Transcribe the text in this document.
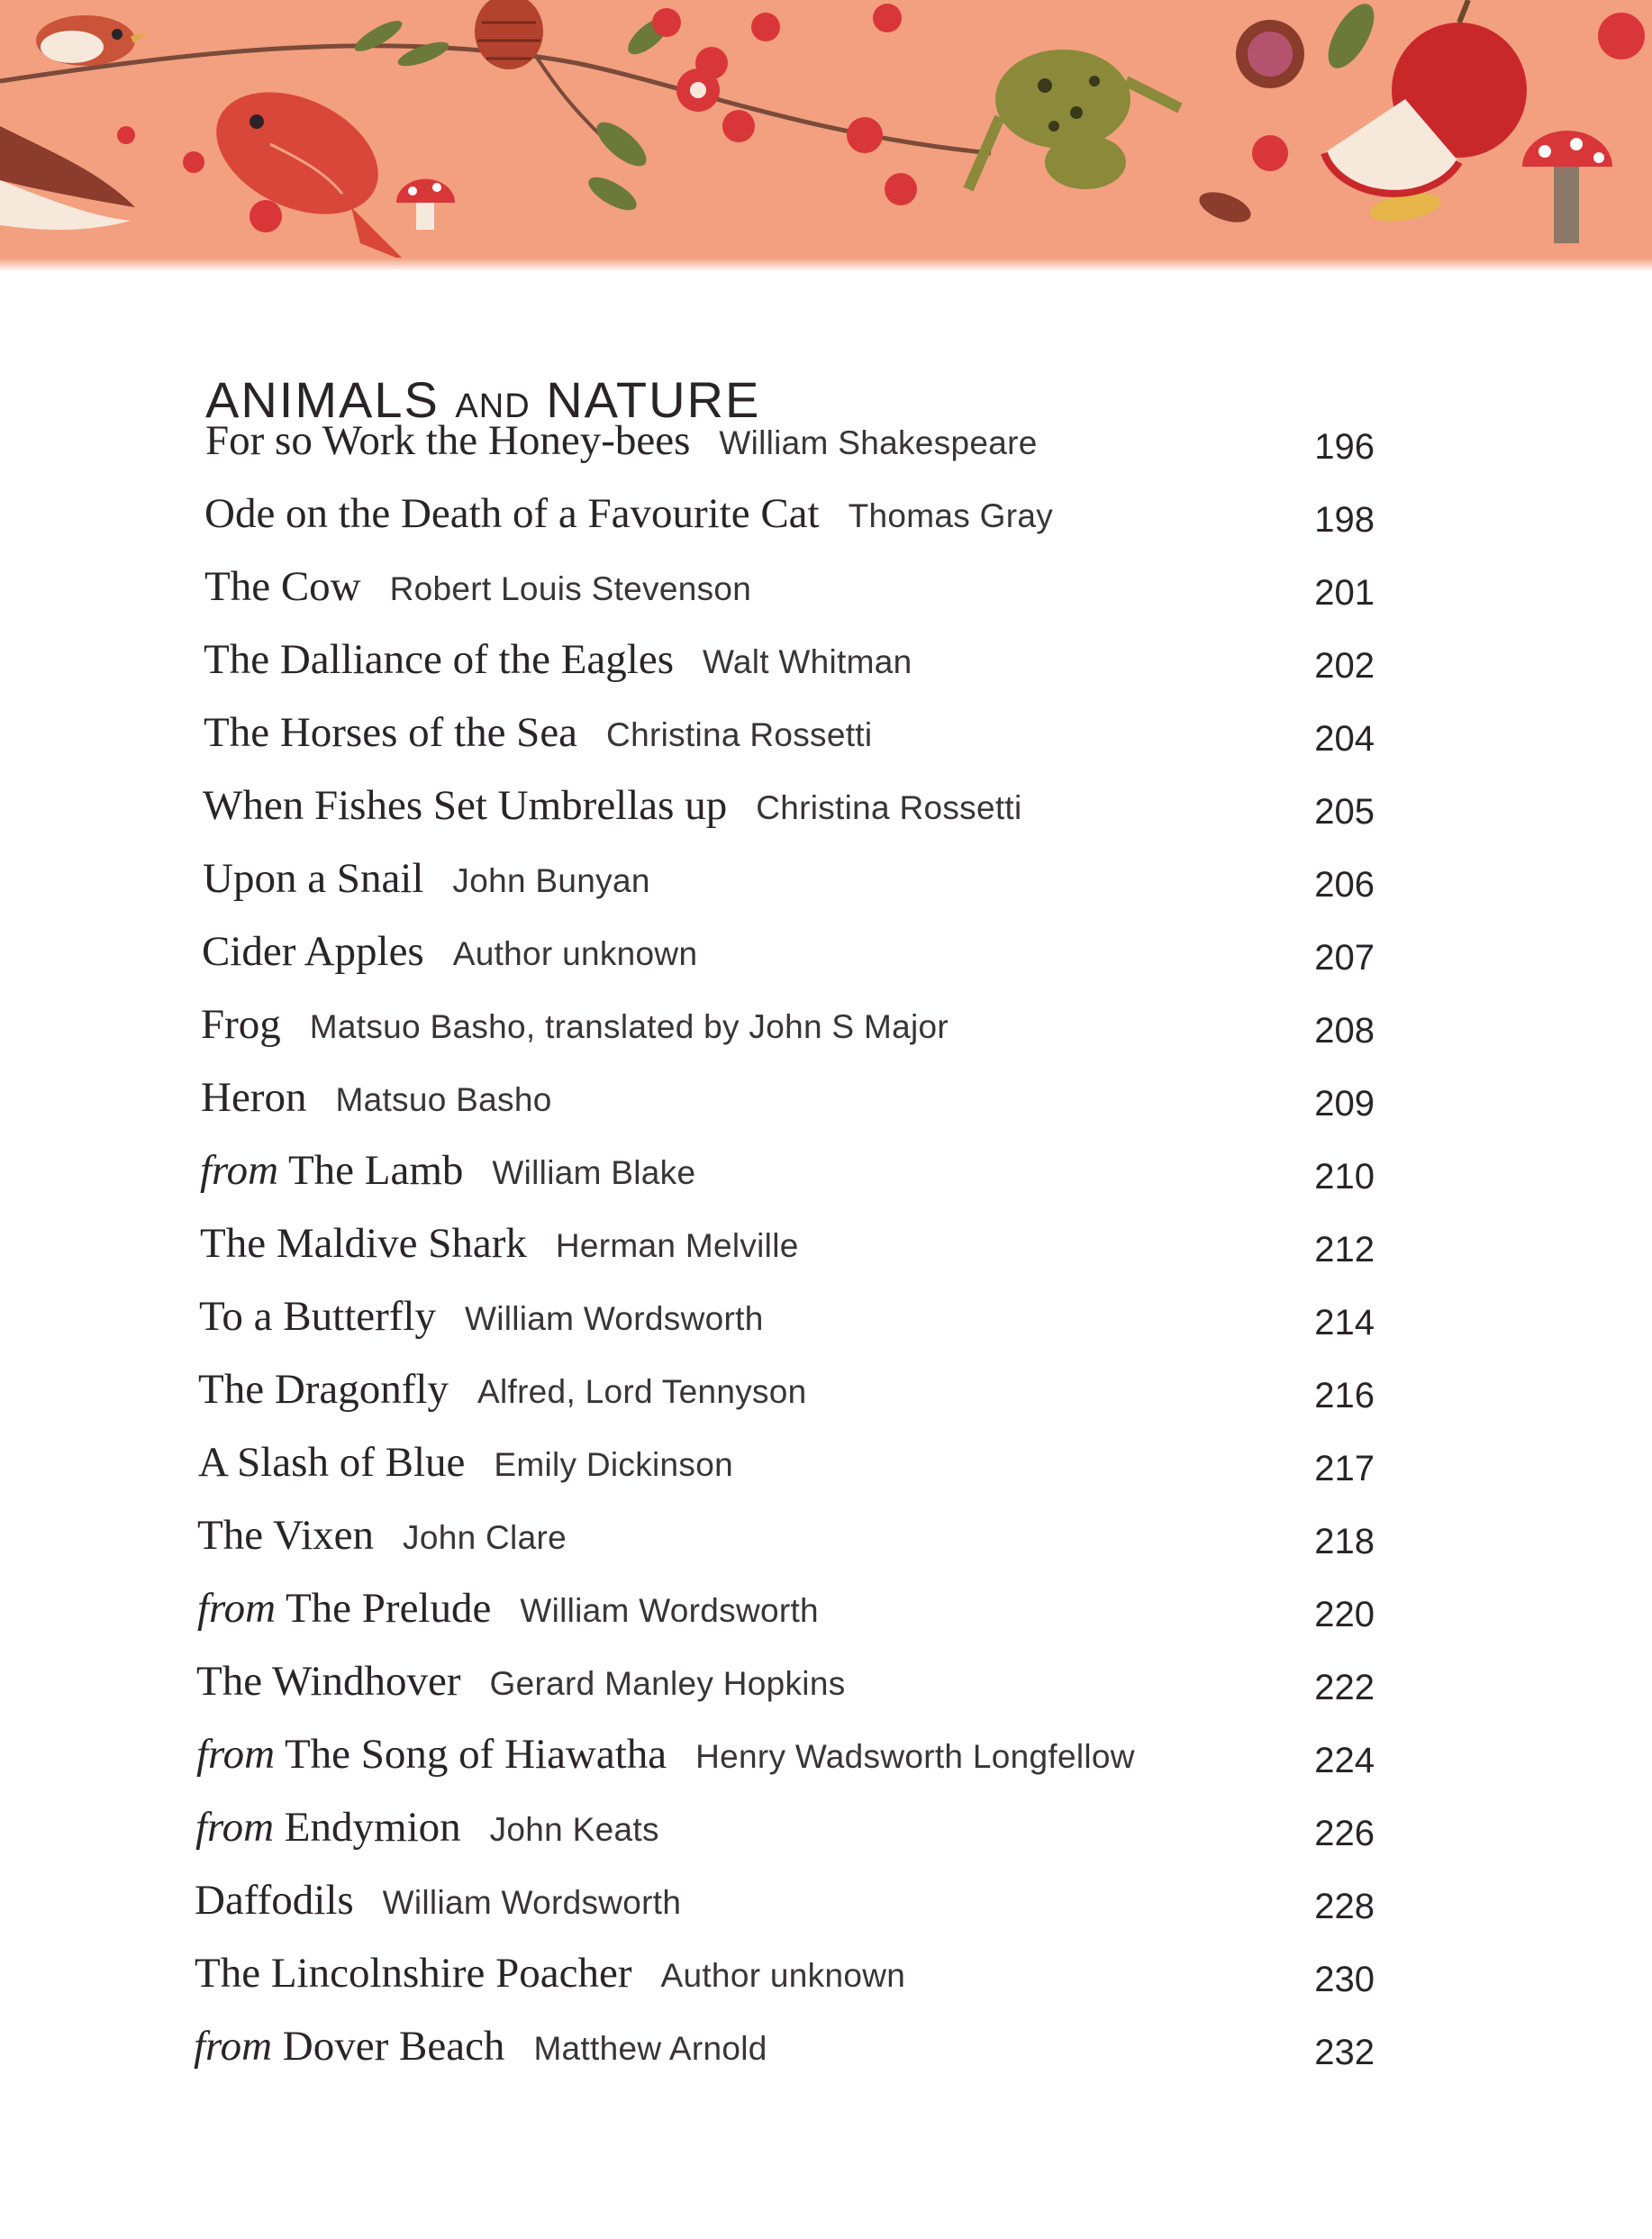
ANIMALS AND NATURE
For so Work the Honey-bees William Shakespeare	196
Ode on the Death of a Favourite Cat Thomas Gray	198
The Cow Robert Louis Stevenson	201
The Dalliance of the Eagles Walt Whitman	202
The Horses of the Sea Christina Rossetti	204
When Fishes Set Umbrellas up Christina Rossetti	205
Upon a Snail John Bunyan	206
Cider Apples Author unknown	207
Frog Matsuo Basho, translated by John S Major	208
Heron Matsuo Basho	209
from The Lamb William Blake	210
The Maldive Shark Herman Melville	212
To a Butterfly William Wordsworth	214
The Dragonfly Alfred, Lord Tennyson	216
A Slash of Blue Emily Dickinson	217
The Vixen John Clare	218
from The Prelude William Wordsworth	220
The Windhover Gerard Manley Hopkins	222
from The Song of Hiawatha Henry Wadsworth Longfellow	224
from Endymion John Keats	226
Daffodils William Wordsworth	228
The Lincolnshire Poacher Author unknown	230
from Dover Beach Matthew Arnold	232
